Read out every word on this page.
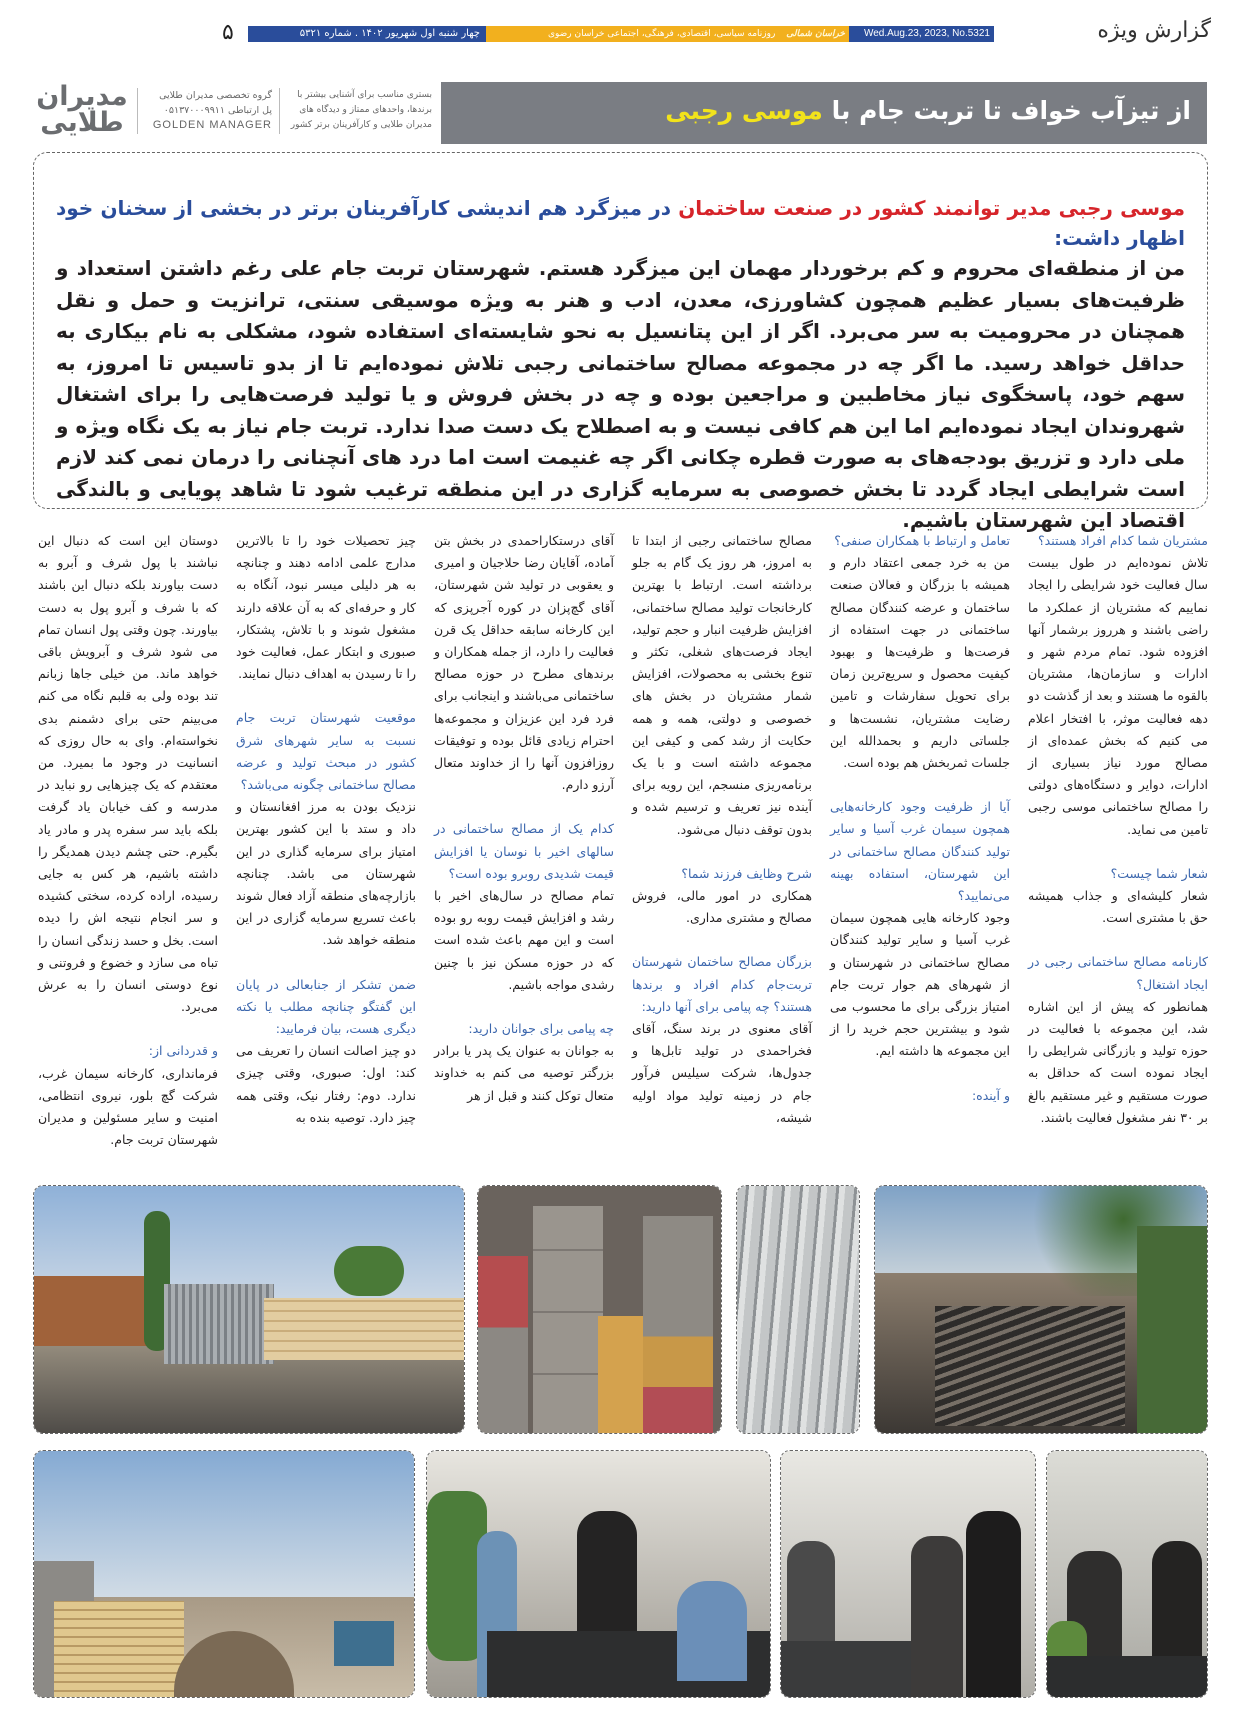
گزارش ویژه
Wed.Aug.23, 2023, No.5321
خراسان شمالی روزنامه سیاسی، اقتصادی، فرهنگی، اجتماعی خراسان رضوی
چهار شنبه اول شهریور ۱۴۰۲ . شماره ۵۳۲۱
۵
از تیزآب خواف تا تربت جام با موسی رجبی
بستری مناسب برای آشنایی بیشتر با
برندها، واحدهای ممتاز و دیدگاه های
مدیران طلایی و کارآفرینان برتر کشور
گروه تخصصی مدیران طلایی
پل ارتباطی ۰۵۱۳۷۰۰۰۹۹۱۱
GOLDEN MANAGER
مدیران
طلایی
موسی رجبی مدیر توانمند کشور در صنعت ساختمان در میزگرد هم اندیشی کارآفرینان برتر در بخشی از سخنان خود اظهار داشت:
من از منطقه‌ای محروم و کم برخوردار مهمان این میزگرد هستم. شهرستان تربت جام علی رغم داشتن استعداد و ظرفیت‌های بسیار عظیم همچون کشاورزی، معدن، ادب و هنر به ویژه موسیقی سنتی، ترانزیت و حمل و نقل همچنان در محرومیت به سر می‌برد. اگر از این پتانسیل به نحو شایسته‌ای استفاده شود، مشکلی به نام بیکاری به حداقل خواهد رسید. ما اگر چه در مجموعه مصالح ساختمانی رجبی تلاش نموده‌ایم تا از بدو تاسیس تا امروز، به سهم خود، پاسخگوی نیاز مخاطبین و مراجعین بوده و چه در بخش فروش و یا تولید فرصت‌هایی را برای اشتغال شهروندان ایجاد نموده‌ایم اما این هم کافی نیست و به اصطلاح یک دست صدا ندارد. تربت جام نیاز به یک نگاه ویژه و ملی دارد و تزریق بودجه‌های به صورت قطره چکانی اگر چه غنیمت است اما درد های آنچنانی را درمان نمی کند لازم است شرایطی ایجاد گردد تا بخش خصوصی به سرمایه گزاری در این منطقه ترغیب شود تا شاهد پویایی و بالندگی اقتصاد این شهرستان باشیم.
مشتریان شما کدام افراد هستند؟
تلاش نموده‌ایم در طول بیست سال فعالیت خود شرایطی را ایجاد نماییم که مشتریان از عملکرد ما راضی باشند و هرروز برشمار آنها افزوده شود. تمام مردم شهر و ادارات و سازمان‌ها، مشتریان بالقوه ما هستند و بعد از گذشت دو دهه فعالیت موثر، با افتخار اعلام می کنیم که بخش عمده‌ای از مصالح مورد نیاز بسیاری از ادارات، دوایر و دستگاه‌های دولتی را مصالح ساختمانی موسی رجبی تامین می نماید.
شعار شما چیست؟
شعار کلیشه‌ای و جذاب همیشه حق با مشتری است.
کارنامه مصالح ساختمانی رجبی در ایجاد اشتغال؟
همانطور که پیش از این اشاره شد، این مجموعه با فعالیت در حوزه تولید و بازرگانی شرایطی را ایجاد نموده است که حداقل به صورت مستقیم و غیر مستقیم بالغ بر ۳۰ نفر مشغول فعالیت باشند.
تعامل و ارتباط با همکاران صنفی؟
من به خرد جمعی اعتقاد دارم و همیشه با بزرگان و فعالان صنعت ساختمان و عرضه کنندگان مصالح ساختمانی در جهت استفاده از فرصت‌ها و ظرفیت‌ها و بهبود کیفیت محصول و سریع‌ترین زمان برای تحویل سفارشات و تامین رضایت مشتریان، نشست‌ها و جلساتی داریم و بحمدالله این جلسات ثمربخش هم بوده است.
آیا از ظرفیت وجود کارخانه‌هایی همچون سیمان غرب آسیا و سایر تولید کنندگان مصالح ساختمانی در این شهرستان، استفاده بهینه می‌نمایید؟
وجود کارخانه هایی همچون سیمان غرب آسیا و سایر تولید کنندگان مصالح ساختمانی در شهرستان و از شهرهای هم جوار تربت جام امتیاز بزرگی برای ما محسوب می شود و بیشترین حجم خرید را از این مجموعه ها داشته ایم.
و آینده:
مصالح ساختمانی رجبی از ابتدا تا به امروز، هر روز یک گام به جلو برداشته است. ارتباط با بهترین کارخانجات تولید مصالح ساختمانی، افزایش ظرفیت انبار و حجم تولید، ایجاد فرصت‌های شغلی، تکثر و تنوع بخشی به محصولات، افزایش شمار مشتریان در بخش های خصوصی و دولتی، همه و همه حکایت از رشد کمی و کیفی این مجموعه داشته است و با یک برنامه‌ریزی منسجم، این رویه برای آینده نیز تعریف و ترسیم شده و بدون توقف دنبال می‌شود.
شرح وظایف فرزند شما؟
همکاری در امور مالی، فروش مصالح و مشتری مداری.
بزرگان مصالح ساختمان شهرستان تربت‌جام کدام افراد و برندها هستند؟ چه پیامی برای آنها دارید:
آقای معنوی در برند سنگ، آقای فخراحمدی در تولید تابل‌ها و جدول‌ها، شرکت سیلیس فرآور جام در زمینه تولید مواد اولیه شیشه،
آقای درستکاراحمدی در بخش بتن آماده، آقایان رضا حلاجیان و امیری و یعقوبی در تولید شن شهرستان، آقای گچ‌پزان در کوره آجرپزی که این کارخانه سابقه حداقل یک قرن فعالیت را دارد، از جمله همکاران و برندهای مطرح در حوزه مصالح ساختمانی می‌باشند و اینجانب برای فرد فرد این عزیزان و مجموعه‌ها احترام زیادی قائل بوده و توفیقات روزافزون آنها را از خداوند متعال آرزو دارم.
کدام یک از مصالح ساختمانی در سالهای اخیر با نوسان یا افزایش قیمت شدیدی روبرو بوده است؟
تمام مصالح در سال‌های اخیر با رشد و افزایش قیمت روبه رو بوده است و این مهم باعث شده است که در حوزه مسکن نیز با چنین رشدی مواجه باشیم.
چه پیامی برای جوانان دارید:
به جوانان به عنوان یک پدر یا برادر بزرگتر توصیه می کنم به خداوند متعال توکل کنند و قبل از هر
چیز تحصیلات خود را تا بالاترین مدارج علمی ادامه دهند و چنانچه به هر دلیلی میسر نبود، آنگاه به کار و حرفه‌ای که به آن علاقه دارند مشغول شوند و با تلاش، پشتکار، صبوری و ابتکار عمل، فعالیت خود را تا رسیدن به اهداف دنبال نمایند.
موقعیت شهرستان تربت جام نسبت به سایر شهرهای شرق کشور در مبحث تولید و عرضه مصالح ساختمانی چگونه می‌باشد؟
نزدیک بودن به مرز افغانستان و داد و ستد با این کشور بهترین امتیاز برای سرمایه گذاری در این شهرستان می باشد. چنانچه بازارچه‌های منطقه آزاد فعال شوند باعث تسریع سرمایه گزاری در این منطقه خواهد شد.
ضمن تشکر از جنابعالی در پایان این گفتگو چنانچه مطلب یا نکته دیگری هست، بیان فرمایید:
دو چیز اصالت انسان را تعریف می کند: اول: صبوری، وقتی چیزی ندارد. دوم: رفتار نیک، وقتی همه چیز دارد. توصیه بنده به
دوستان این است که دنبال این نباشند با پول شرف و آبرو به دست بیاورند بلکه دنبال این باشند که با شرف و آبرو پول به دست بیاورند. چون وقتی پول انسان تمام می شود شرف و آبرویش باقی خواهد ماند. من خیلی جاها زبانم تند بوده ولی به قلبم نگاه می کنم می‌بینم حتی برای دشمنم بدی نخواسته‌ام. وای به حال روزی که انسانیت در وجود ما بمیرد. من معتقدم که یک چیزهایی رو نباید در مدرسه و کف خیابان یاد گرفت بلکه باید سر سفره پدر و مادر یاد بگیرم. حتی چشم دیدن همدیگر را داشته باشیم، هر کس به جایی رسیده، اراده کرده، سختی کشیده و سر انجام نتیجه اش را دیده است. بخل و حسد زندگی انسان را تباه می سازد و خضوع و فروتنی و نوع دوستی انسان را به عرش می‌برد.
و قدردانی از:
فرمانداری، کارخانه سیمان غرب، شرکت گچ بلور، نیروی انتظامی، امنیت و سایر مسئولین و مدیران شهرستان تربت جام.
